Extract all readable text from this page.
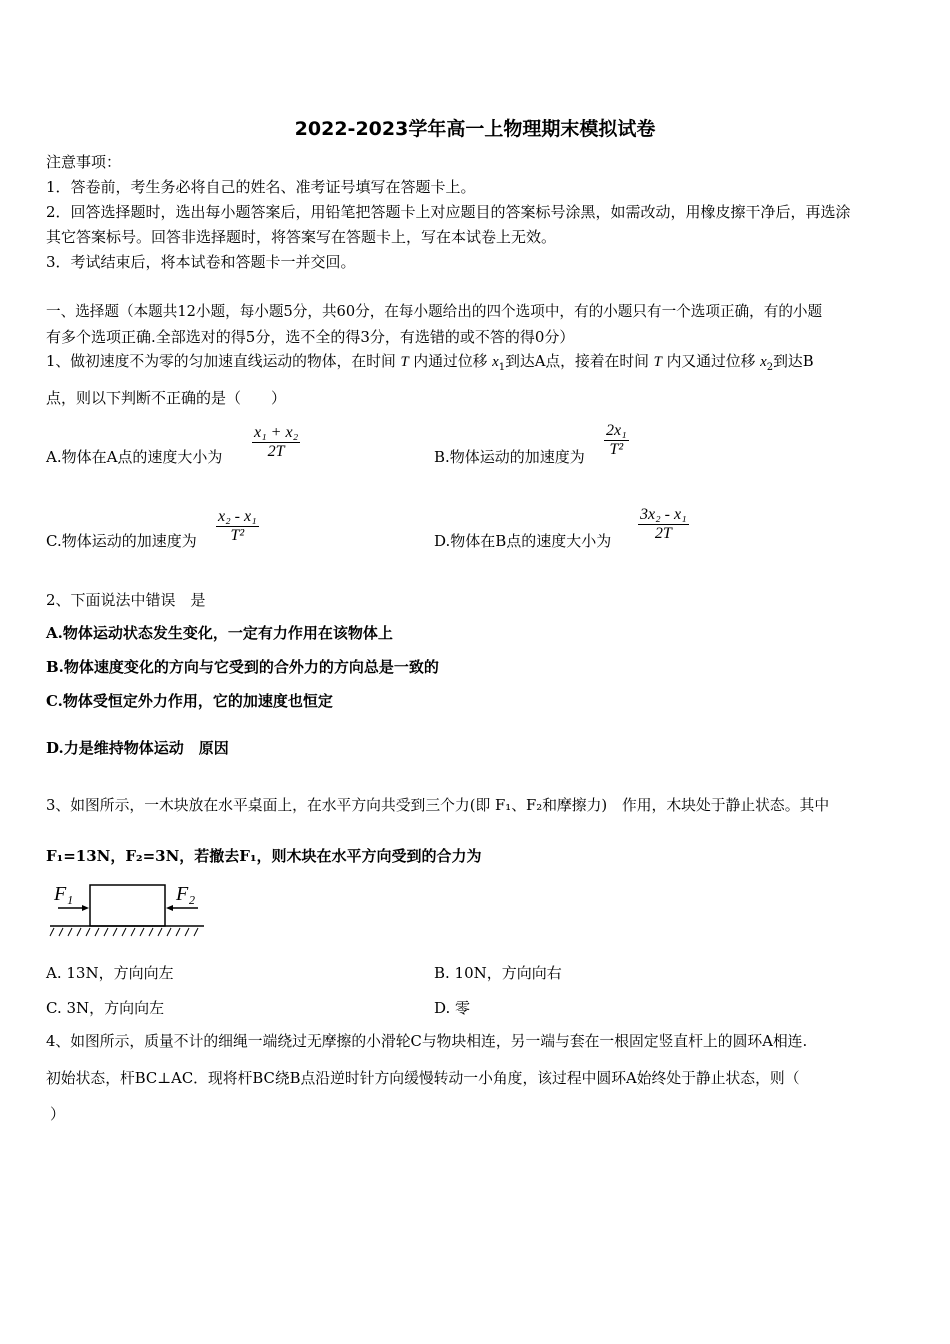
2022-2023学年高一上物理期末模拟试卷
注意事项：
1．答卷前，考生务必将自己的姓名、准考证号填写在答题卡上。
2．回答选择题时，选出每小题答案后，用铅笔把答题卡上对应题目的答案标号涂黑，如需改动，用橡皮擦干净后，再选涂
其它答案标号。回答非选择题时，将答案写在答题卡上，写在本试卷上无效。
3．考试结束后，将本试卷和答题卡一并交回。
一、选择题（本题共12小题，每小题5分，共60分，在每小题给出的四个选项中，有的小题只有一个选项正确，有的小题
有多个选项正确.全部选对的得5分，选不全的得3分，有选错的或不答的得0分）
1、做初速度不为零的匀加速直线运动的物体，在时间 T 内通过位移 $x_1$到达A点，接着在时间 T 内又通过位移 $x_2$到达B
点，则以下判断不正确的是（　　）
A.物体在A点的速度大小为 $\frac{\text{x₁ + x₂}}{2T}$	B.物体运动的加速度为 $\frac{\text{2x₁}}{\text{T²}}$
C.物体运动的加速度为 $\frac{\text{x₂ - x₁}}{\text{T²}}$	D.物体在B点的速度大小为 $\frac{\text{3x₂ - x₁}}{2T}$
2、下面说法中错误　是
A.物体运动状态发生变化，一定有力作用在该物体上
B.物体速度变化的方向与它受到的合外力的方向总是一致的
C.物体受恒定外力作用，它的加速度也恒定
D.力是维持物体运动　原因
3、如图所示，一木块放在水平桌面上，在水平方向共受到三个力(即 F₁、F₂和摩擦力)　作用，木块处于静止状态。其中
F₁=13N，F₂=3N，若撤去F₁，则木块在水平方向受到的合力为
F₁	F₂
A. 13N，方向向左	B. 10N，方向向右
C. 3N，方向向左	D. 零
4、如图所示，质量不计的细绳一端绕过无摩擦的小滑轮C与物块相连，另一端与套在一根固定竖直杆上的圆环A相连.
初始状态，杆BC⊥AC．现将杆BC绕B点沿逆时针方向缓慢转动一小角度，该过程中圆环A始终处于静止状态，则（
）
